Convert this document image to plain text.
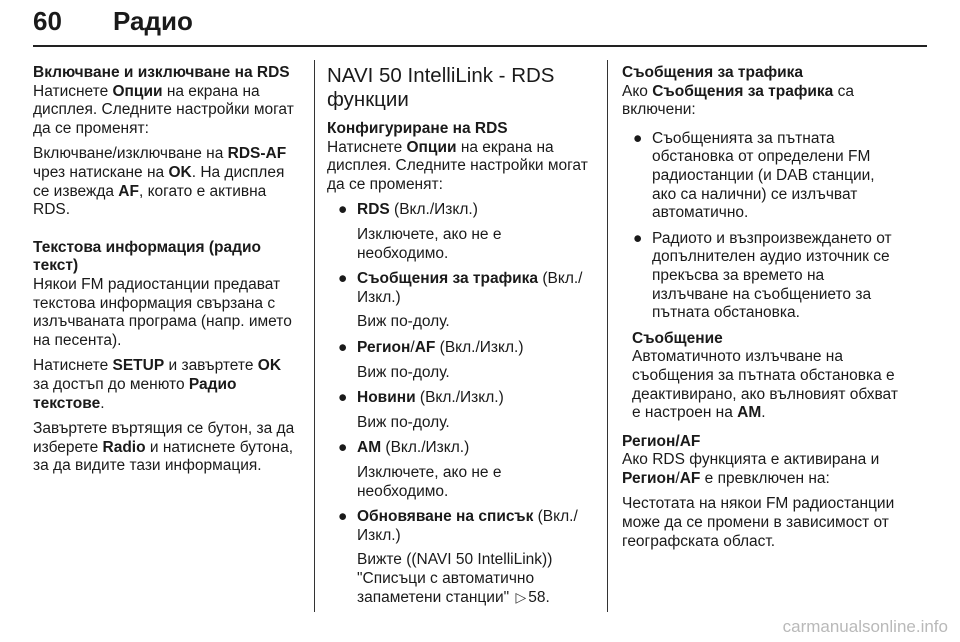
60 Радио
Включване и изключване на RDS

Натиснете Опции на екрана на дисплея. Следните настройки могат да се променят:

Включване/изключване на RDS-AF чрез натискане на OK. На дисплея се извежда AF, когато е активна RDS.

Текстова информация (радио текст)

Някои FM радиостанции предават текстова информация свързана с излъчваната програма (напр. името на песента).

Натиснете SETUP и завъртете OK за достъп до менюто Радио текстове.

Завъртете въртящия се бутон, за да изберете Radio и натиснете бутона, за да видите тази информация.

NAVI 50 IntelliLink - RDS функции
Конфигуриране на RDS

Натиснете Опции на екрана на дисплея. Следните настройки могат да се променят:

● RDS (Вкл./Изкл.)
Изключете, ако не е необходимо.
● Съобщения за трафика (Вкл./Изкл.)
Виж по-долу.
● Регион/AF (Вкл./Изкл.)
Виж по-долу.
● Новини (Вкл./Изкл.)
Виж по-долу.
● AM (Вкл./Изкл.)
Изключете, ако не е необходимо.
● Обновяване на списък (Вкл./Изкл.)
Вижте ((NAVI 50 IntelliLink)) "Списъци с автоматично запаметени станции" ▷ 58.
Съобщения за трафика

Ако Съобщения за трафика са включени:

● Съобщенията за пътната обстановка от определени FM радиостанции (и DAB станции, ако са налични) се излъчват автоматично.
● Радиото и възпроизвеждането от допълнителен аудио източник се прекъсва за времето на излъчване на съобщението за пътната обстановка.
Съобщение
Автоматичното излъчване на съобщения за пътната обстановка е деактивирано, ако вълновият обхват е настроен на AM.
Регион/AF

Ако RDS функцията е активирана и Регион/AF е превключен на:

Честотата на някои FM радиостанции може да се промени в зависимост от географската област.

carmanualsonline.info
